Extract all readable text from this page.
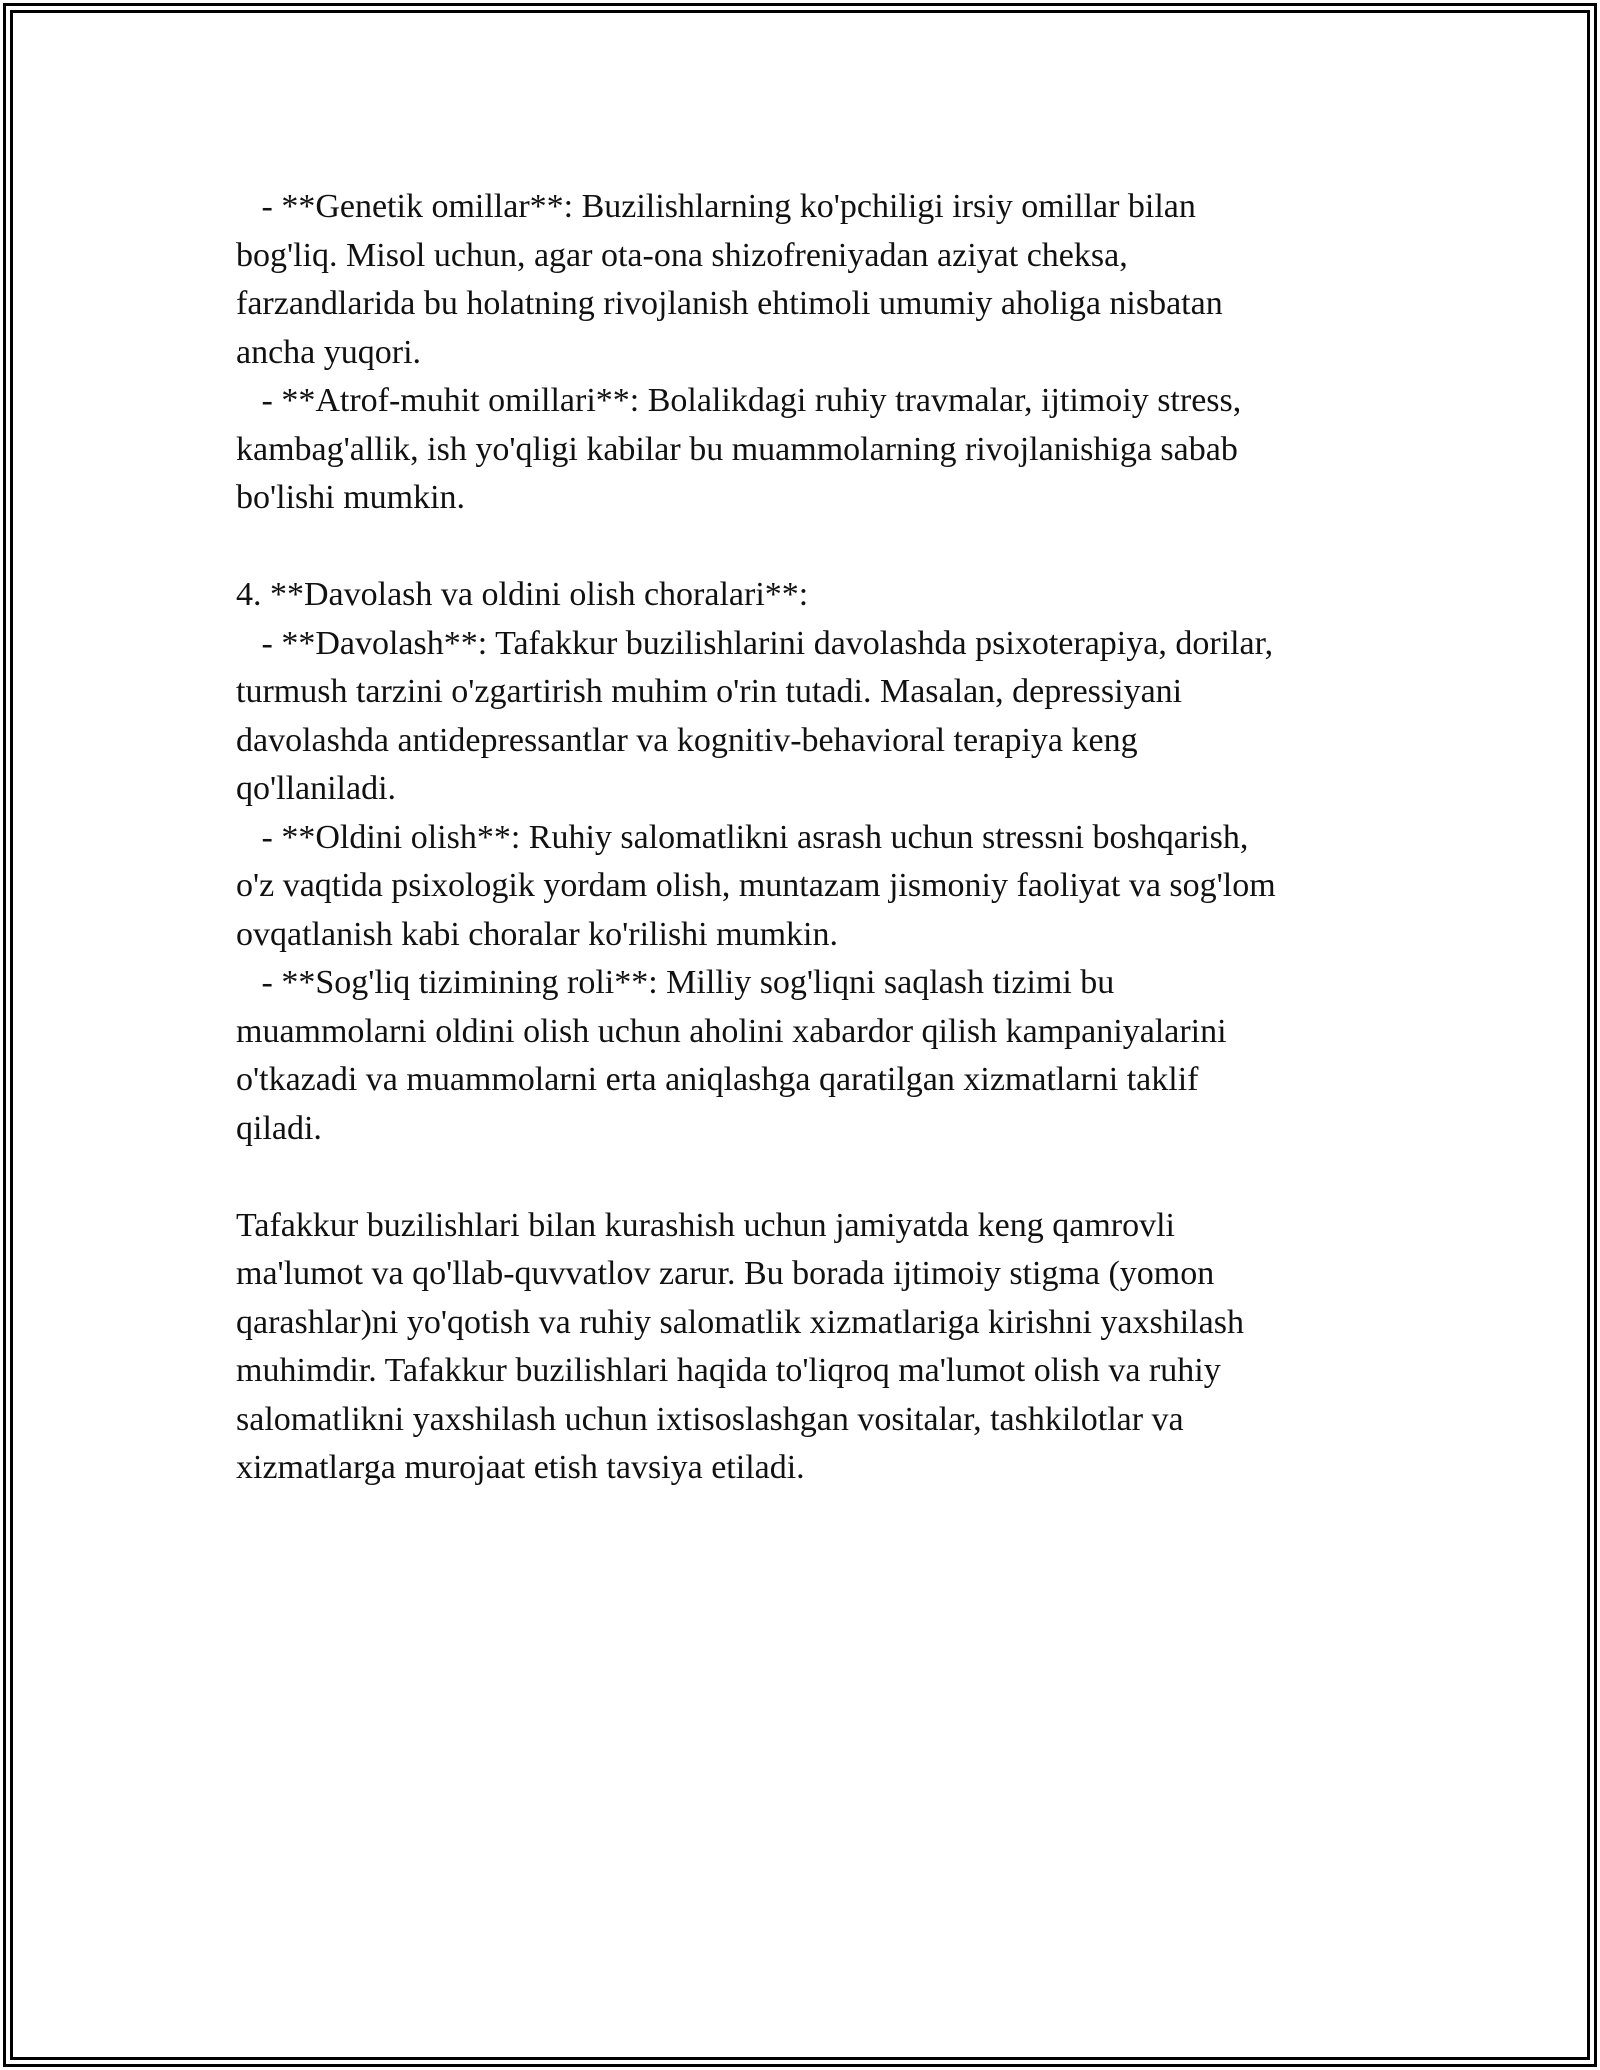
- **Genetik omillar**: Buzilishlarning ko'pchiligi irsiy omillar bilan
bog'liq. Misol uchun, agar ota-ona shizofreniyadan aziyat cheksa,
farzandlarida bu holatning rivojlanish ehtimoli umumiy aholiga nisbatan
ancha yuqori.
- **Atrof-muhit omillari**: Bolalikdagi ruhiy travmalar, ijtimoiy stress,
kambag'allik, ish yo'qligi kabilar bu muammolarning rivojlanishiga sabab
bo'lishi mumkin.
4. **Davolash va oldini olish choralari**:
- **Davolash**: Tafakkur buzilishlarini davolashda psixoterapiya, dorilar,
turmush tarzini o'zgartirish muhim o'rin tutadi. Masalan, depressiyani
davolashda antidepressantlar va kognitiv-behavioral terapiya keng
qo'llaniladi.
- **Oldini olish**: Ruhiy salomatlikni asrash uchun stressni boshqarish,
o'z vaqtida psixologik yordam olish, muntazam jismoniy faoliyat va sog'lom
ovqatlanish kabi choralar ko'rilishi mumkin.
- **Sog'liq tizimining roli**: Milliy sog'liqni saqlash tizimi bu
muammolarni oldini olish uchun aholini xabardor qilish kampaniyalarini
o'tkazadi va muammolarni erta aniqlashga qaratilgan xizmatlarni taklif
qiladi.
Tafakkur buzilishlari bilan kurashish uchun jamiyatda keng qamrovli
ma'lumot va qo'llab-quvvatlov zarur. Bu borada ijtimoiy stigma (yomon
qarashlar)ni yo'qotish va ruhiy salomatlik xizmatlariga kirishni yaxshilash
muhimdir. Tafakkur buzilishlari haqida to'liqroq ma'lumot olish va ruhiy
salomatlikni yaxshilash uchun ixtisoslashgan vositalar, tashkilotlar va
xizmatlarga murojaat etish tavsiya etiladi.
